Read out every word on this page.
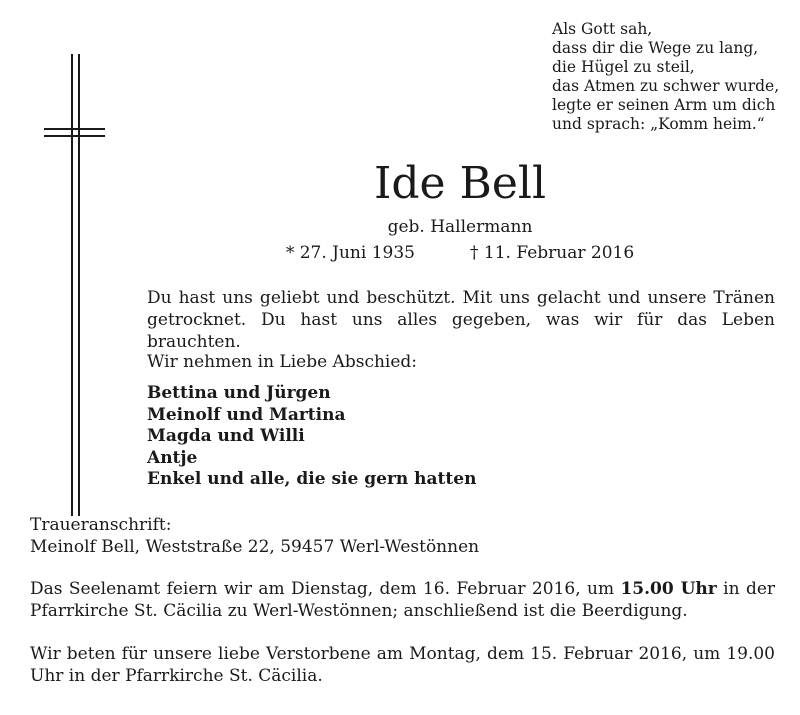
Als Gott sah,
dass dir die Wege zu lang,
die Hügel zu steil,
das Atmen zu schwer wurde,
legte er seinen Arm um dich
und sprach: „Komm heim.“
Ide Bell
geb. Hallermann
* 27. Juni 1935	† 11. Februar 2016
Du hast uns geliebt und beschützt. Mit uns gelacht und unsere Tränen getrocknet. Du hast uns alles gegeben, was wir für das Leben brauchten.
Wir nehmen in Liebe Abschied:
Bettina und Jürgen
Meinolf und Martina
Magda und Willi
Antje
Enkel und alle, die sie gern hatten
Traueranschrift:
Meinolf Bell, Weststraße 22, 59457 Werl-Westönnen
Das Seelenamt feiern wir am Dienstag, dem 16. Februar 2016, um 15.00 Uhr in der Pfarrkirche St. Cäcilia zu Werl-Westönnen; anschließend ist die Beerdigung.
Wir beten für unsere liebe Verstorbene am Montag, dem 15. Februar 2016, um 19.00 Uhr in der Pfarrkirche St. Cäcilia.
